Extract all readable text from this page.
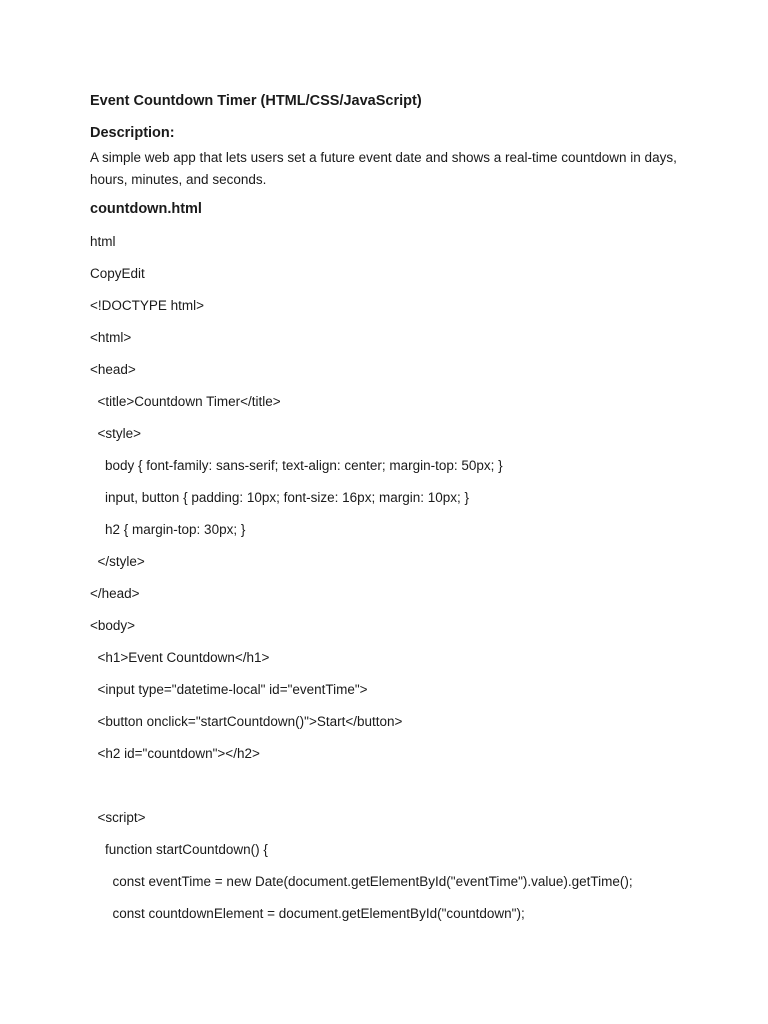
Event Countdown Timer (HTML/CSS/JavaScript)
Description:
A simple web app that lets users set a future event date and shows a real-time countdown in days, hours, minutes, and seconds.
countdown.html
html
CopyEdit
<!DOCTYPE html>
<html>
<head>
<title>Countdown Timer</title>
<style>
body { font-family: sans-serif; text-align: center; margin-top: 50px; }
input, button { padding: 10px; font-size: 16px; margin: 10px; }
h2 { margin-top: 30px; }
</style>
</head>
<body>
<h1>Event Countdown</h1>
<input type="datetime-local" id="eventTime">
<button onclick="startCountdown()">Start</button>
<h2 id="countdown"></h2>
<script>
function startCountdown() {
const eventTime = new Date(document.getElementById("eventTime").value).getTime();
const countdownElement = document.getElementById("countdown");
